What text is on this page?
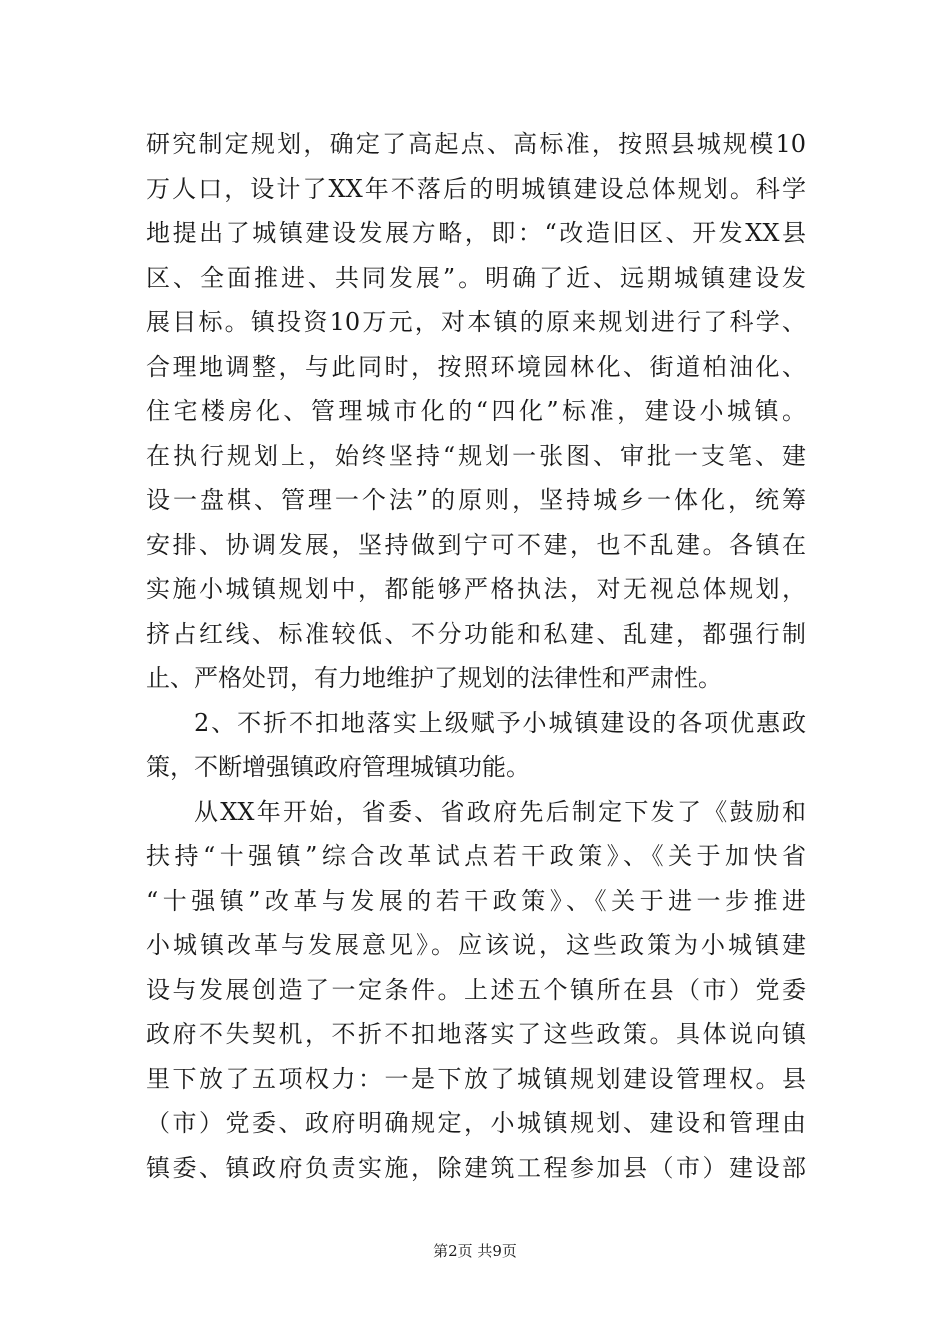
研究制定规划，确定了高起点、高标准，按照县城规模10
万人口，设计了XX年不落后的明城镇建设总体规划。科学
地提出了城镇建设发展方略，即：“改造旧区、开发XX县
区、全面推进、共同发展”。明确了近、远期城镇建设发
展目标。镇投资10万元，对本镇的原来规划进行了科学、
合理地调整，与此同时，按照环境园林化、街道柏油化、
住宅楼房化、管理城市化的“四化”标准，建设小城镇。
在执行规划上，始终坚持“规划一张图、审批一支笔、建
设一盘棋、管理一个法”的原则，坚持城乡一体化，统筹
安排、协调发展，坚持做到宁可不建，也不乱建。各镇在
实施小城镇规划中，都能够严格执法，对无视总体规划，
挤占红线、标准较低、不分功能和私建、乱建，都强行制
止、严格处罚，有力地维护了规划的法律性和严肃性。
2、不折不扣地落实上级赋予小城镇建设的各项优惠政
策，不断增强镇政府管理城镇功能。
从XX年开始，省委、省政府先后制定下发了《鼓励和
扶持“十强镇”综合改革试点若干政策》、《关于加快省
“十强镇”改革与发展的若干政策》、《关于进一步推进
小城镇改革与发展意见》。应该说，这些政策为小城镇建
设与发展创造了一定条件。上述五个镇所在县（市）党委
政府不失契机，不折不扣地落实了这些政策。具体说向镇
里下放了五项权力：一是下放了城镇规划建设管理权。县
（市）党委、政府明确规定，小城镇规划、建设和管理由
镇委、镇政府负责实施，除建筑工程参加县（市）建设部
第2页 共9页
